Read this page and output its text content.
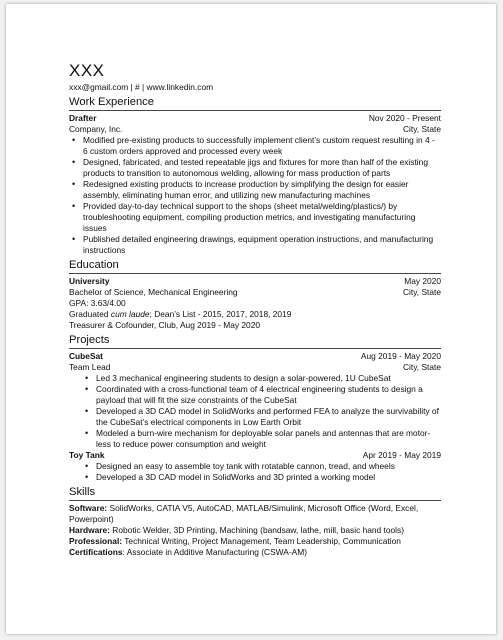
XXX
xxx@gmail.com | # | www.linkedin.com
Work Experience
Drafter	Nov 2020 - Present
Company, Inc.	City, State
• Modified pre-existing products to successfully implement client’s custom request resulting in 4 - 6 custom orders approved and processed every week
• Designed, fabricated, and tested repeatable jigs and fixtures for more than half of the existing products to transition to autonomous welding, allowing for mass production of parts
• Redesigned existing products to increase production by simplifying the design for easier assembly, eliminating human error, and utilizing new manufacturing machines
• Provided day-to-day technical support to the shops (sheet metal/welding/plastics/) by troubleshooting equipment, compiling production metrics, and investigating manufacturing issues
• Published detailed engineering drawings, equipment operation instructions, and manufacturing instructions
Education
University	May 2020
Bachelor of Science, Mechanical Engineering	City, State
GPA: 3.63/4.00
Graduated cum laude; Dean’s List - 2015, 2017, 2018, 2019
Treasurer & Cofounder, Club, Aug 2019 - May 2020
Projects
CubeSat	Aug 2019 - May 2020
Team Lead	City, State
• Led 3 mechanical engineering students to design a solar-powered, 1U CubeSat
• Coordinated with a cross-functional team of 4 electrical engineering students to design a payload that will fit the size constraints of the CubeSat
• Developed a 3D CAD model in SolidWorks and performed FEA to analyze the survivability of the CubeSat’s electrical components in Low Earth Orbit
• Modeled a burn-wire mechanism for deployable solar panels and antennas that are motor-less to reduce power consumption and weight
Toy Tank	Apr 2019 - May 2019
• Designed an easy to assemble toy tank with rotatable cannon, tread, and wheels
• Developed a 3D CAD model in SolidWorks and 3D printed a working model
Skills
Software: SolidWorks, CATIA V5, AutoCAD, MATLAB/Simulink, Microsoft Office (Word, Excel, Powerpoint)
Hardware: Robotic Welder, 3D Printing, Machining (bandsaw, lathe, mill, basic hand tools)
Professional: Technical Writing, Project Management, Team Leadership, Communication
Certifications: Associate in Additive Manufacturing (CSWA-AM)
